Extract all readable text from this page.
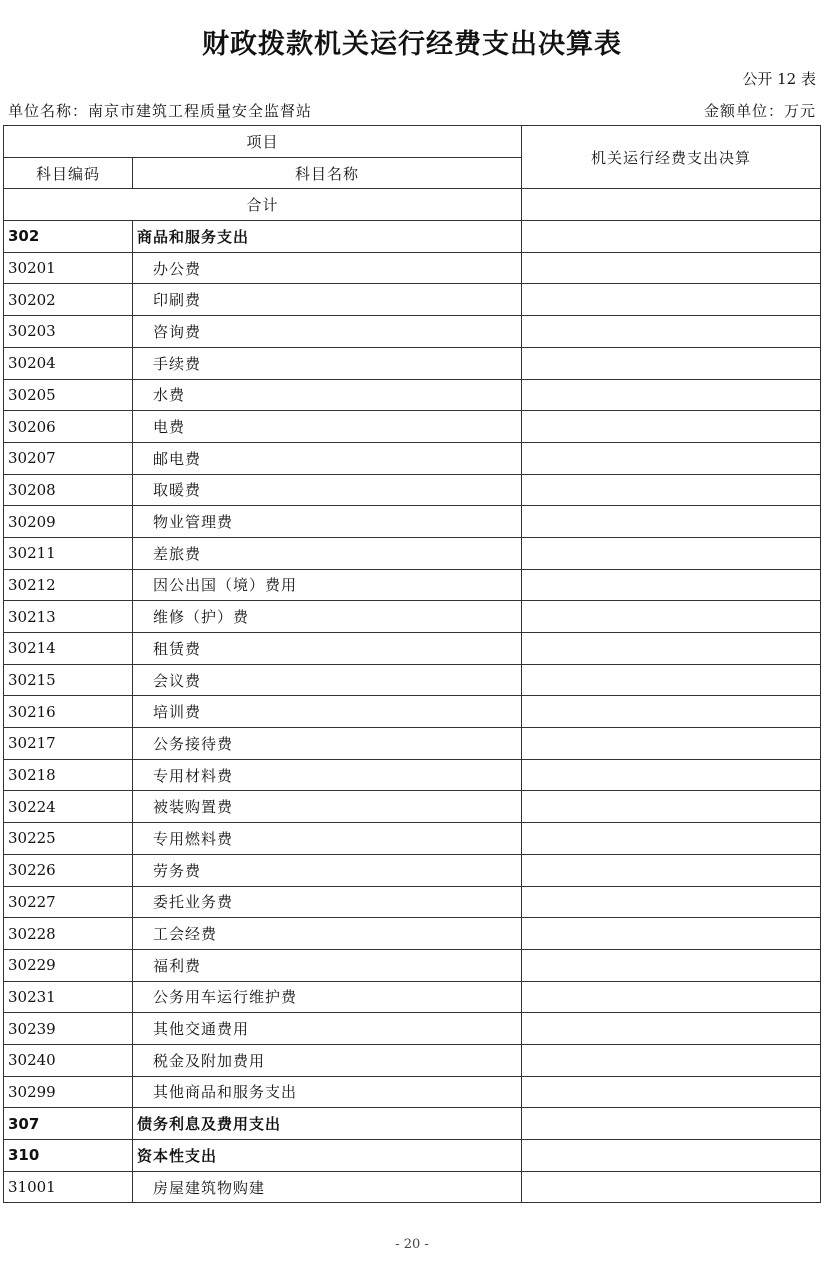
财政拨款机关运行经费支出决算表
公开 12 表
单位名称：南京市建筑工程质量安全监督站	金额单位：万元
项目		机关运行经费支出决算
科目编码	科目名称	
合计		
302	商品和服务支出	
30201	办公费	
30202	印刷费	
30203	咨询费	
30204	手续费	
30205	水费	
30206	电费	
30207	邮电费	
30208	取暖费	
30209	物业管理费	
30211	差旅费	
30212	因公出国（境）费用	
30213	维修（护）费	
30214	租赁费	
30215	会议费	
30216	培训费	
30217	公务接待费	
30218	专用材料费	
30224	被装购置费	
30225	专用燃料费	
30226	劳务费	
30227	委托业务费	
30228	工会经费	
30229	福利费	
30231	公务用车运行维护费	
30239	其他交通费用	
30240	税金及附加费用	
30299	其他商品和服务支出	
307	债务利息及费用支出	
310	资本性支出	
31001	房屋建筑物购建	
- 20 -
